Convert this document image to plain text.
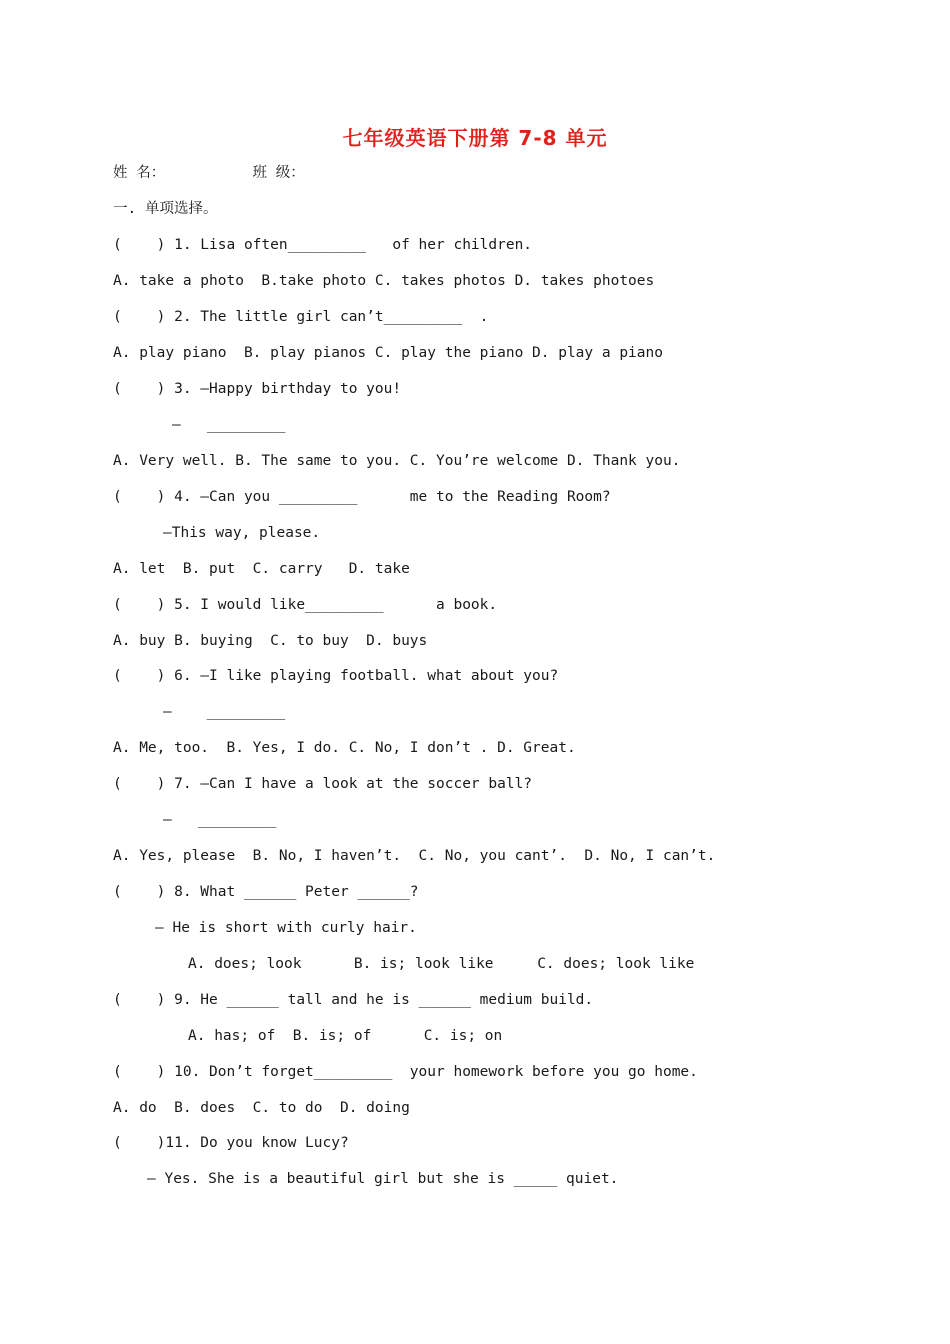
七年级英语下册第 7-8 单元
姓 名：          班 级：
一. 单项选择。
(    ) 1. Lisa often_________   of her children.
A. take a photo  B.take photo C. takes photos D. takes photoes
(    ) 2. The little girl can’t_________  .
A. play piano  B. play pianos C. play the piano D. play a piano
(    ) 3. —Happy birthday to you!
—   _________
A. Very well. B. The same to you. C. You’re welcome D. Thank you.
(    ) 4. —Can you _________      me to the Reading Room?
—This way, please.
A. let  B. put  C. carry   D. take
(    ) 5. I would like_________      a book.
A. buy B. buying  C. to buy  D. buys
(    ) 6. —I like playing football. what about you?
—    _________
A. Me, too.  B. Yes, I do. C. No, I don’t . D. Great.
(    ) 7. —Can I have a look at the soccer ball?
—   _________
A. Yes, please  B. No, I haven’t.  C. No, you cant’.  D. No, I can’t.
(    ) 8. What ______ Peter ______?
— He is short with curly hair.
A. does; look      B. is; look like     C. does; look like
(    ) 9. He ______ tall and he is ______ medium build.
A. has; of  B. is; of      C. is; on
(    ) 10. Don’t forget_________  your homework before you go home.
A. do  B. does  C. to do  D. doing
(    )11. Do you know Lucy?
— Yes. She is a beautiful girl but she is _____ quiet.
